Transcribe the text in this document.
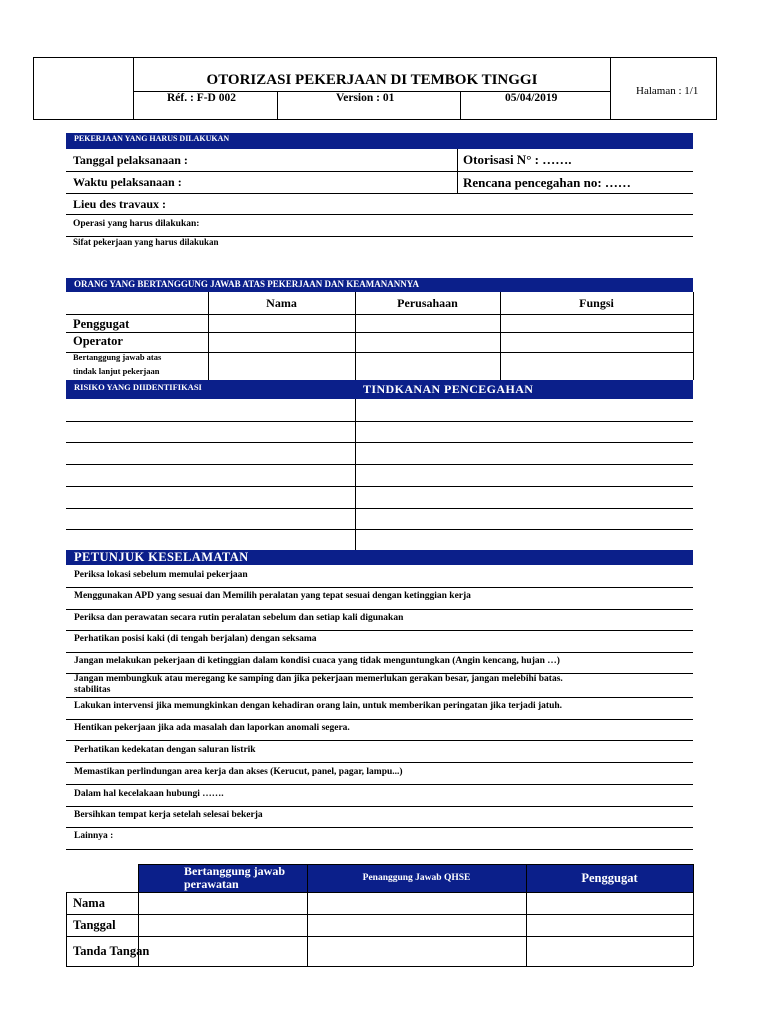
OTORIZASI PEKERJAAN DI TEMBOK TINGGI
Réf. : F-D 002	Version : 01	05/04/2019
Halaman : 1/1
PEKERJAAN YANG HARUS DILAKUKAN
Tanggal pelaksanaan :	Otorisasi N° : …….
Waktu pelaksanaan :	Rencana pencegahan no: ……
Lieu des travaux :
Operasi yang harus dilakukan:
Sifat pekerjaan yang harus dilakukan
ORANG YANG BERTANGGUNG JAWAB ATAS PEKERJAAN DAN KEAMANANNYA
Nama	Perusahaan	Fungsi
Penggugat
Operator
Bertanggung jawab atas
tindak lanjut pekerjaan
RISIKO YANG DIIDENTIFIKASI	TINDKANAN PENCEGAHAN
PETUNJUK KESELAMATAN
Periksa lokasi sebelum memulai pekerjaan
Menggunakan APD yang sesuai dan Memilih peralatan yang tepat sesuai dengan ketinggian kerja
Periksa dan perawatan secara rutin peralatan sebelum dan setiap kali digunakan
Perhatikan posisi kaki (di tengah berjalan) dengan seksama
Jangan melakukan pekerjaan di ketinggian dalam kondisi cuaca yang tidak menguntungkan (Angin kencang, hujan …)
Jangan membungkuk atau meregang ke samping dan jika pekerjaan memerlukan gerakan besar, jangan melebihi batas.
stabilitas
Lakukan intervensi jika memungkinkan dengan kehadiran orang lain, untuk memberikan peringatan jika terjadi jatuh.
Hentikan pekerjaan jika ada masalah dan laporkan anomali segera.
Perhatikan kedekatan dengan saluran listrik
Memastikan perlindungan area kerja dan akses (Kerucut, panel, pagar, lampu...)
Dalam hal kecelakaan hubungi …….
Bersihkan tempat kerja setelah selesai bekerja
Lainnya :
Bertanggung jawab
perawatan	Penanggung Jawab QHSE	Penggugat
Nama
Tanggal
Tanda Tangan
